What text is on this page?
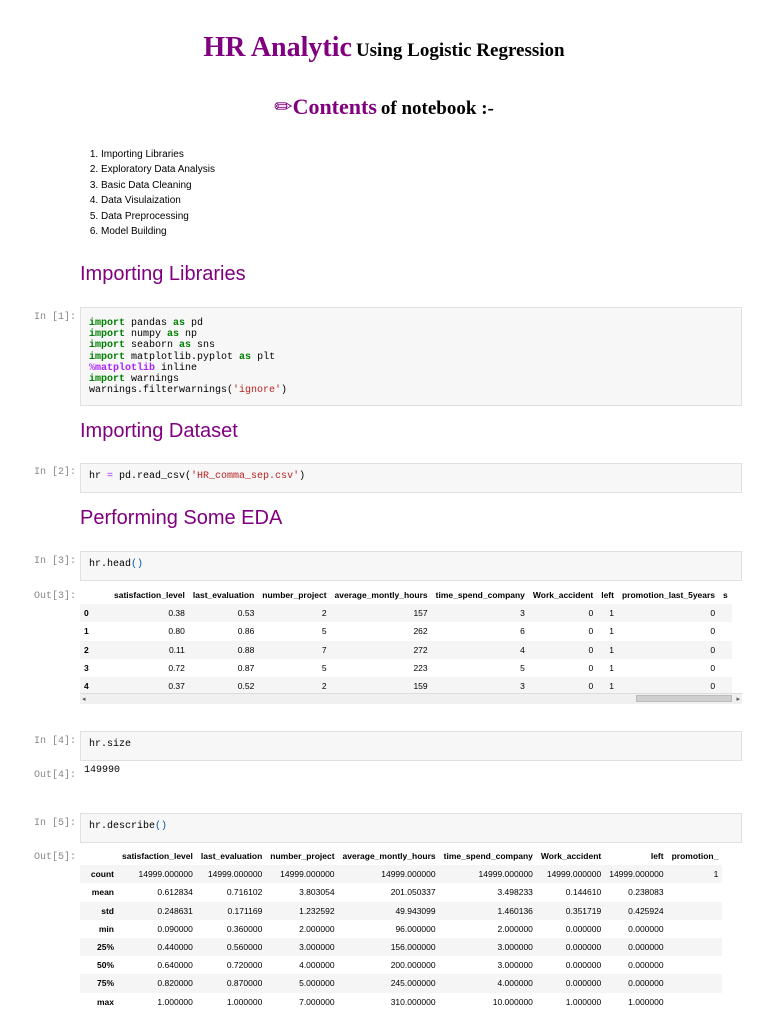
HR Analytic Using Logistic Regression
✏Contents of notebook :-
1. Importing Libraries
2. Exploratory Data Analysis
3. Basic Data Cleaning
4. Data Visulaization
5. Data Preprocessing
6. Model Building
Importing Libraries
In [1]:
import pandas as pd
import numpy as np
import seaborn as sns
import matplotlib.pyplot as plt
%matplotlib inline
import warnings
warnings.filterwarnings('ignore')
Importing Dataset
In [2]:	hr = pd.read_csv('HR_comma_sep.csv')
Performing Some EDA
In [3]:	hr.head()
Out[3]:
		satisfaction_level	last_evaluation	number_project	average_montly_hours	time_spend_company	Work_accident	left	promotion_last_5years	s
0	0.38	0.53	2	157	3	0	1	0	
1	0.80	0.86	5	262	6	0	1	0	
2	0.11	0.88	7	272	4	0	1	0	
3	0.72	0.87	5	223	5	0	1	0	
4	0.37	0.52	2	159	3	0	1	0	
◂	▸
In [4]:	hr.size
Out[4]: 149990
In [5]:	hr.describe()
Out[5]:
		satisfaction_level	last_evaluation	number_project	average_montly_hours	time_spend_company	Work_accident	left	promotion_
count	14999.000000	14999.000000	14999.000000	14999.000000	14999.000000	14999.000000	14999.000000	1
mean	0.612834	0.716102	3.803054	201.050337	3.498233	0.144610	0.238083	
std	0.248631	0.171169	1.232592	49.943099	1.460136	0.351719	0.425924	
min	0.090000	0.360000	2.000000	96.000000	2.000000	0.000000	0.000000	
25%	0.440000	0.560000	3.000000	156.000000	3.000000	0.000000	0.000000	
50%	0.640000	0.720000	4.000000	200.000000	3.000000	0.000000	0.000000	
75%	0.820000	0.870000	5.000000	245.000000	4.000000	0.000000	0.000000	
max	1.000000	1.000000	7.000000	310.000000	10.000000	1.000000	1.000000	
